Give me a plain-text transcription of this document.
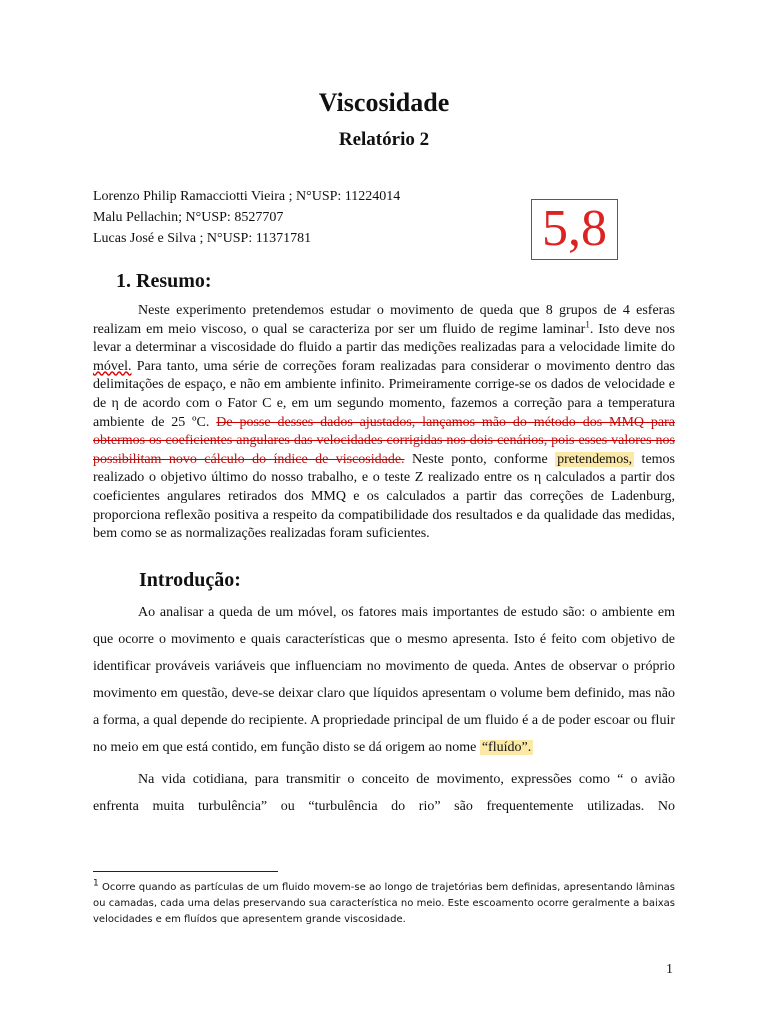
Viscosidade
Relatório 2
Lorenzo Philip Ramacciotti Vieira ; N°USP: 11224014
Malu Pellachin; N°USP: 8527707
Lucas José e Silva ; N°USP: 11371781	5,8
1. Resumo:
Neste experimento pretendemos estudar o movimento de queda que 8 grupos de 4 esferas realizam em meio viscoso, o qual se caracteriza por ser um fluido de regime laminar$^1$. Isto deve nos levar a determinar a viscosidade do fluido a partir das medições realizadas para a velocidade limite do móvel. Para tanto, uma série de correções foram realizadas para considerar o movimento dentro das delimitações de espaço, e não em ambiente infinito. Primeiramente corrige-se os dados de velocidade e de η de acordo com o Fator C e, em um segundo momento, fazemos a correção para a temperatura ambiente de 25 ºC. De posse desses dados ajustados, lançamos mão do método dos MMQ para obtermos os coeficientes angulares das velocidades corrigidas nos dois cenários, pois esses valores nos possibilitam novo cálculo do índice de viscosidade. Neste ponto, conforme pretendemos, temos realizado o objetivo último do nosso trabalho, e o teste Z realizado entre os η calculados a partir dos coeficientes angulares retirados dos MMQ e os calculados a partir das correções de Ladenburg, proporciona reflexão positiva a respeito da compatibilidade dos resultados e da qualidade das medidas, bem como se as normalizações realizadas foram suficientes.
Introdução:
Ao analisar a queda de um móvel, os fatores mais importantes de estudo são: o ambiente em que ocorre o movimento e quais características que o mesmo apresenta. Isto é feito com objetivo de identificar prováveis variáveis que influenciam no movimento de queda. Antes de observar o próprio movimento em questão, deve-se deixar claro que líquidos apresentam o volume bem definido, mas não a forma, a qual depende do recipiente. A propriedade principal de um fluido é a de poder escoar ou fluir no meio em que está contido, em função disto se dá origem ao nome “fluído”.
Na vida cotidiana, para transmitir o conceito de movimento, expressões como “ o avião enfrenta muita turbulência” ou “turbulência do rio” são frequentemente utilizadas. No
$^1$ Ocorre quando as partículas de um fluido movem-se ao longo de trajetórias bem definidas, apresentando lâminas ou camadas, cada uma delas preservando sua característica no meio. Este escoamento ocorre geralmente a baixas velocidades e em fluídos que apresentem grande viscosidade.
1
